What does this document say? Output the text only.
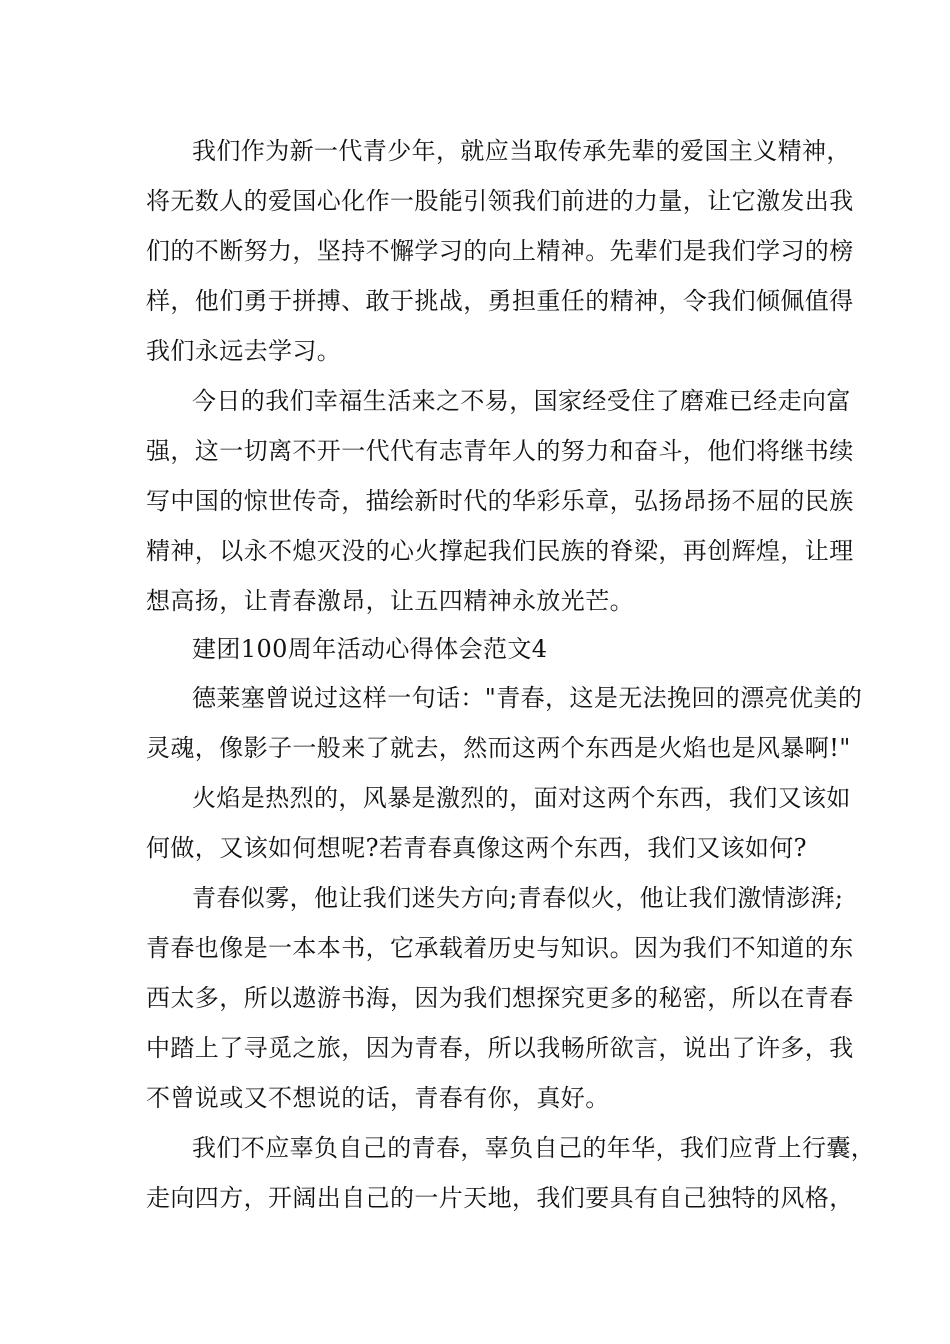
我们作为新一代青少年，就应当取传承先辈的爱国主义精神，
将无数人的爱国心化作一股能引领我们前进的力量，让它激发出我
们的不断努力，坚持不懈学习的向上精神。先辈们是我们学习的榜
样，他们勇于拼搏、敢于挑战，勇担重任的精神，令我们倾佩值得
我们永远去学习。
今日的我们幸福生活来之不易，国家经受住了磨难已经走向富
强，这一切离不开一代代有志青年人的努力和奋斗，他们将继书续
写中国的惊世传奇，描绘新时代的华彩乐章，弘扬昂扬不屈的民族
精神，以永不熄灭没的心火撑起我们民族的脊梁，再创辉煌，让理
想高扬，让青春激昂，让五四精神永放光芒。
建团100周年活动心得体会范文4
德莱塞曾说过这样一句话："青春，这是无法挽回的漂亮优美的
灵魂，像影子一般来了就去，然而这两个东西是火焰也是风暴啊!"
火焰是热烈的，风暴是激烈的，面对这两个东西，我们又该如
何做，又该如何想呢?若青春真像这两个东西，我们又该如何?
青春似雾，他让我们迷失方向;青春似火，他让我们激情澎湃;
青春也像是一本本书，它承载着历史与知识。因为我们不知道的东
西太多，所以遨游书海，因为我们想探究更多的秘密，所以在青春
中踏上了寻觅之旅，因为青春，所以我畅所欲言，说出了许多，我
不曾说或又不想说的话，青春有你，真好。
我们不应辜负自己的青春，辜负自己的年华，我们应背上行囊，
走向四方，开阔出自己的一片天地，我们要具有自己独特的风格，
